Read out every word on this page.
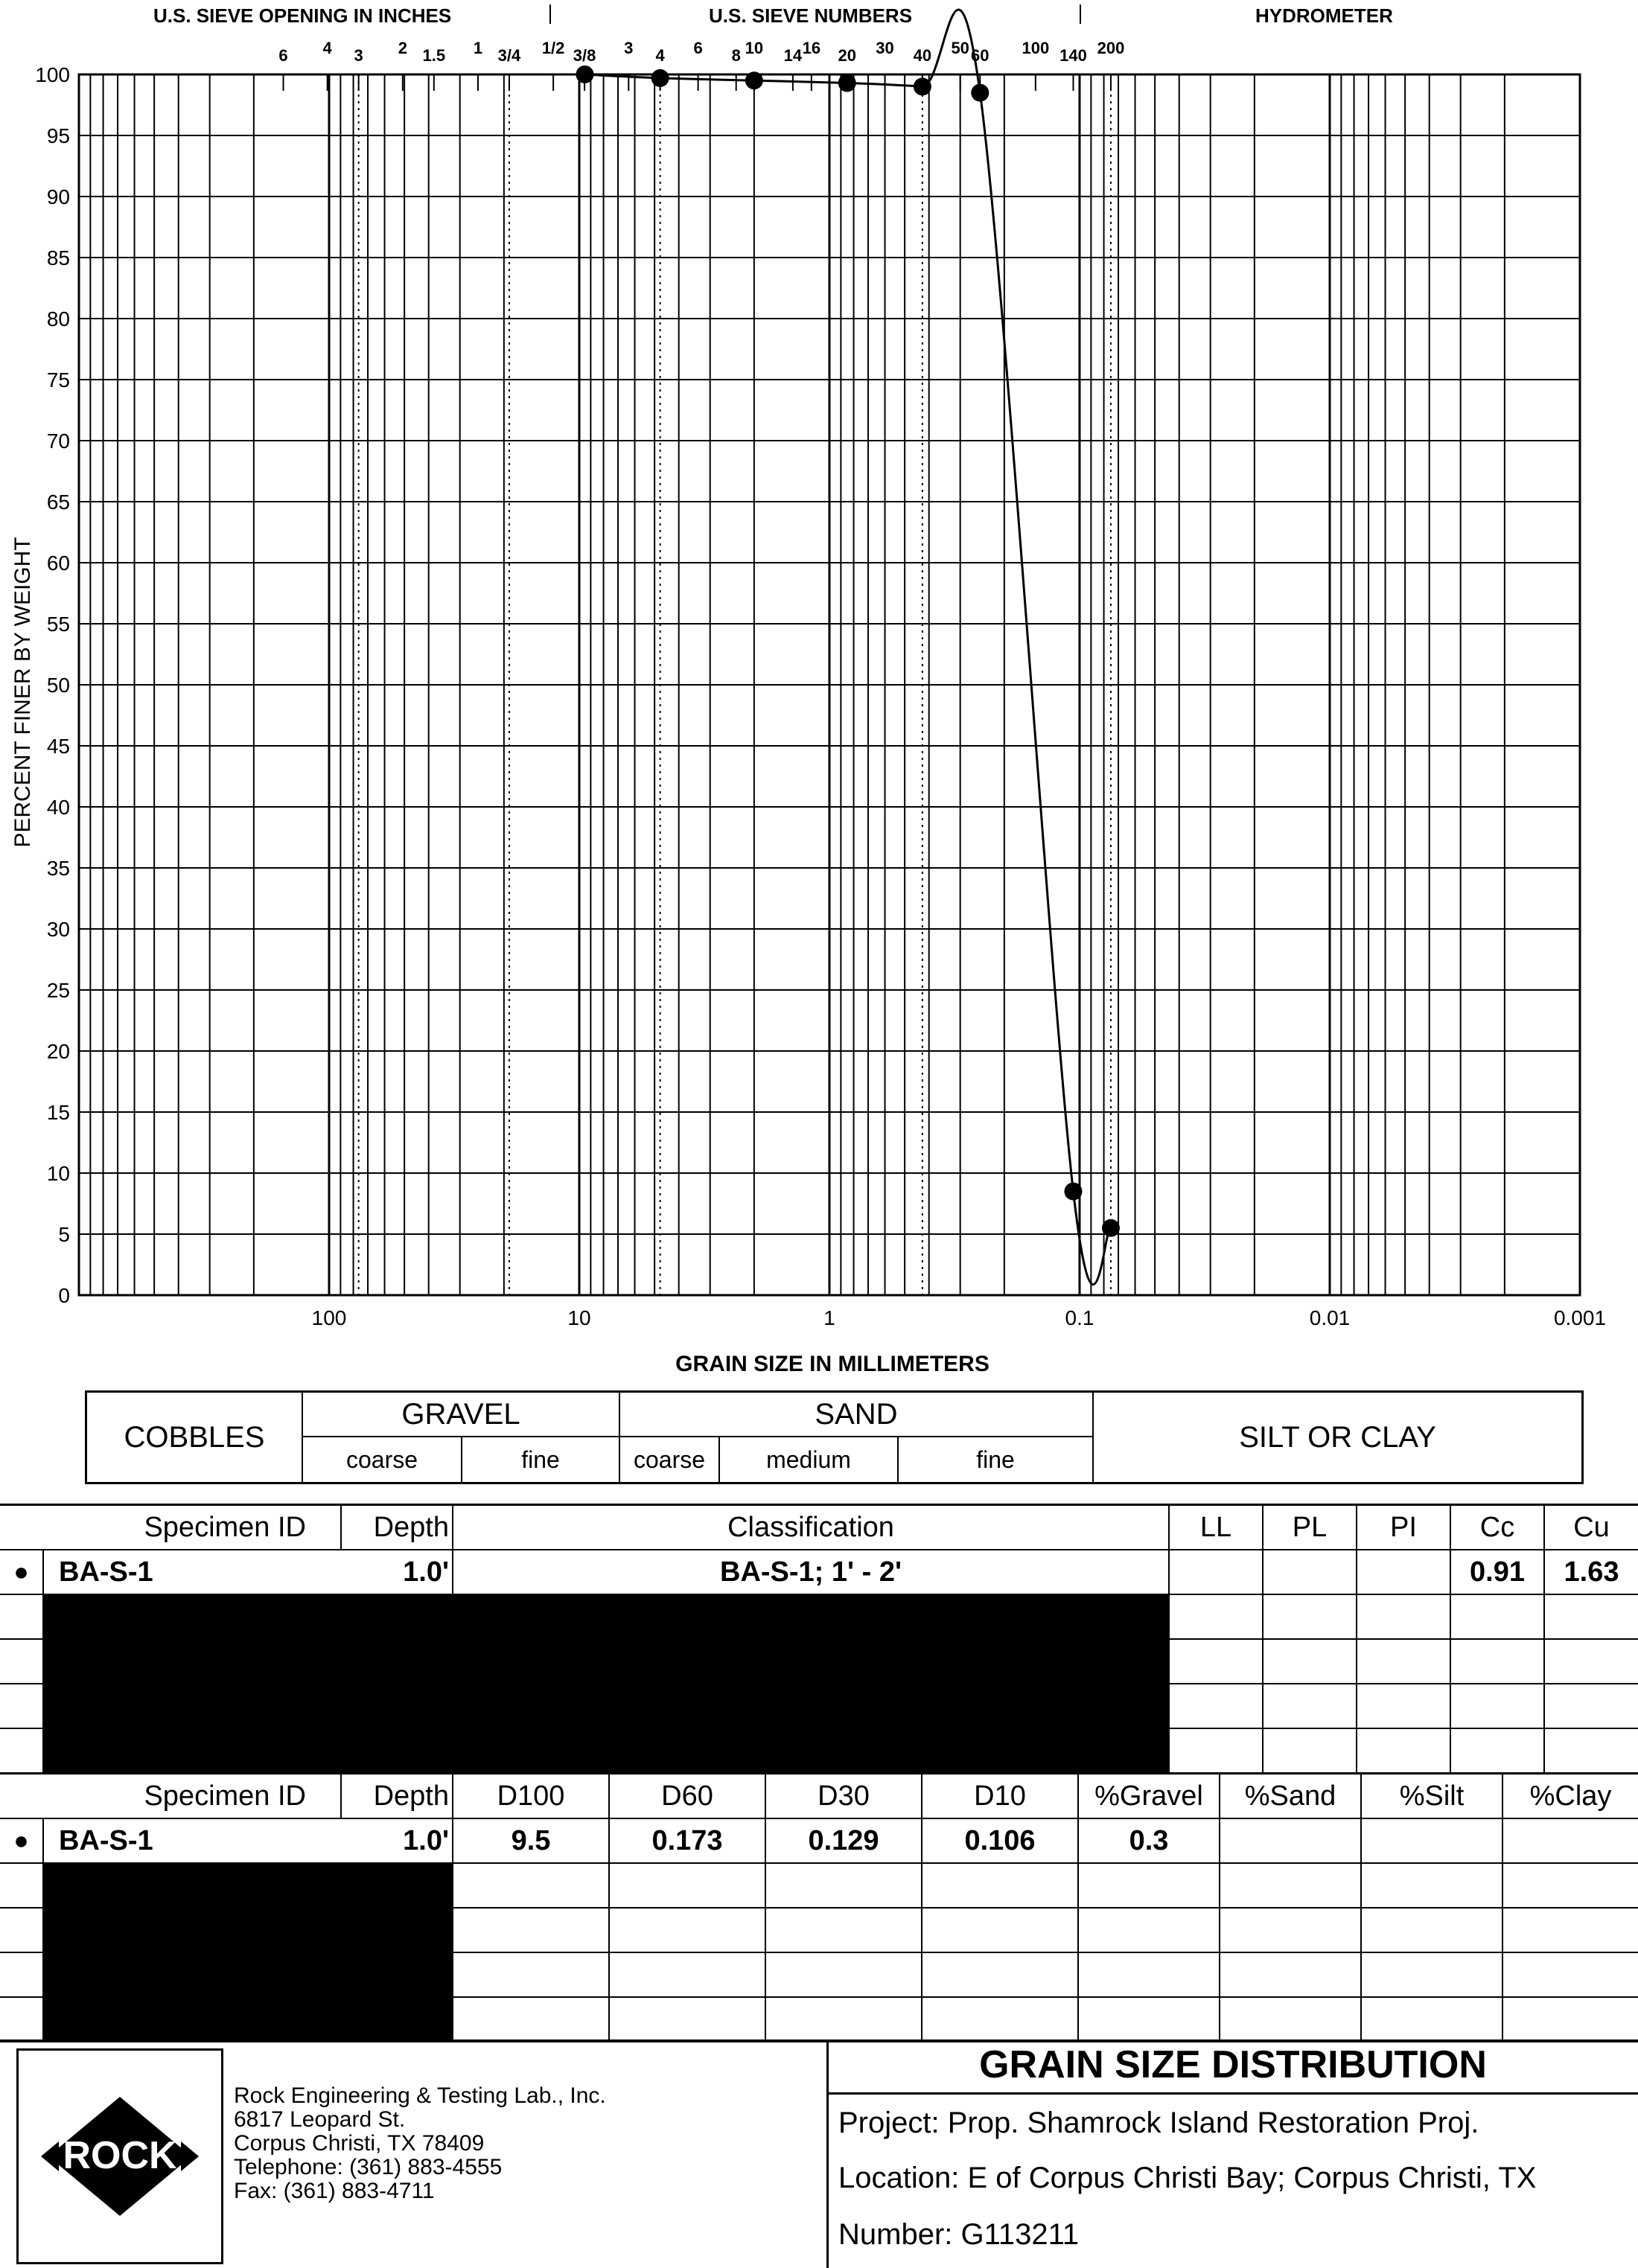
U.S. SIEVE OPENING IN INCHES	U.S. SIEVE NUMBERS	HYDROMETER
0
5
10
15
20
25
30
35
40
45
50
55
60
65
70
75
80
85
90
95
100
100	10	1	0.1	0.01	0.001
6 4 3 2 1.5 1 3/4 1/2 3/8 3 4 6 8 10 14 16 20 30 40 50 60 100 140 200
GRAIN SIZE IN MILLIMETERS
PERCENT FINER BY WEIGHT
COBBLES
GRAVEL
coarse	fine
SAND
coarse	medium	fine
SILT OR CLAY
Specimen ID		Depth	Classification	LL	PL	PI	Cc	Cu
●	BA-S-1	1.0'	BA-S-1; 1' - 2'				0.91	1.63

Specimen ID		Depth	D100	D60	D30	D10	%Gravel	%Sand	%Silt	%Clay
●	BA-S-1	1.0'	9.5	0.173	0.129	0.106	0.3			

ROCK
Rock Engineering & Testing Lab., Inc.
6817 Leopard St.
Corpus Christi, TX 78409
Telephone: (361) 883-4555
Fax: (361) 883-4711
GRAIN SIZE DISTRIBUTION
Project: Prop. Shamrock Island Restoration Proj.
Location: E of Corpus Christi Bay; Corpus Christi, TX
Number: G113211
